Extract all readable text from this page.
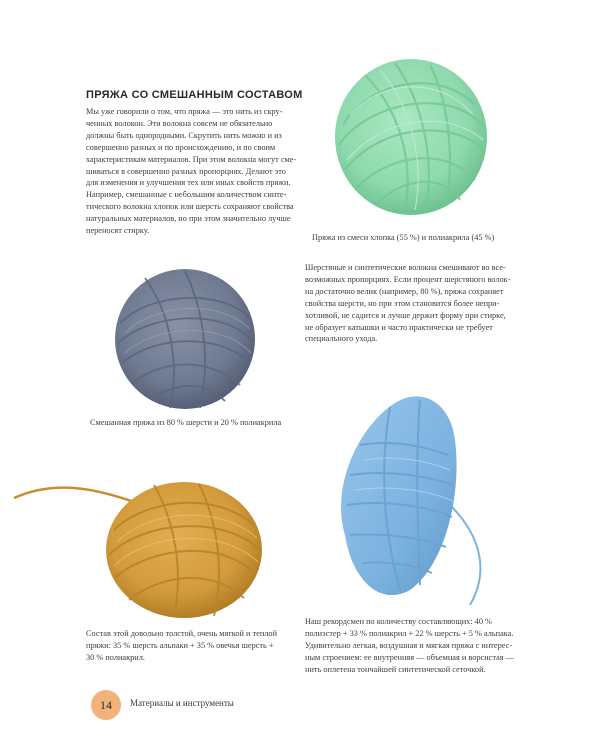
ПРЯЖА СО СМЕШАННЫМ СОСТАВОМ
Мы уже говорили о том, что пряжа — это нить из скру-
ченных волокон. Эти волокна совсем не обязательно
должны быть однородными. Скрутить нить можно и из
совершенно разных и по происхождению, и по своим
характеристикам материалов. При этом волокна могут сме-
шиваться в совершенно разных пропорциях. Делают это
для изменения и улучшения тех или иных свойств пряжи.
Например, смешанные с небольшим количеством синте-
тического волокна хлопок или шерсть сохраняют свойства
натуральных материалов, но при этом значительно лучше
переносят стирку.
Пряжа из смеси хлопка (55 %) и полиакрила (45 %)
Шерстяные и синтетические волокна смешивают во все-
возможных пропорциях. Если процент шерстяного волок-
на достаточно велик (например, 80 %), пряжа сохраняет
свойства шерсти, но при этом становится более непри-
хотливой, не садится и лучше держит форму при стирке,
не образует катышки и часто практически не требует
специального ухода.
Смешанная пряжа из 80 % шерсти и 20 % полиакрила
Состав этой довольно толстой, очень мягкой и теплой
пряжи: 35 % шерсть альпаки + 35 % овечья шерсть +
30 % полиакрил.
Наш рекордсмен по количеству составляющих: 40 %
полиэстер + 33 % полиакрил + 22 % шерсть + 5 % альпака.
Удивительно легкая, воздушная и мягкая пряжа с интерес-
ным строением: ее внутренняя — объемная и ворсистая —
нить оплетена тончайшей синтетической сеточкой.
14	Материалы и инструменты
